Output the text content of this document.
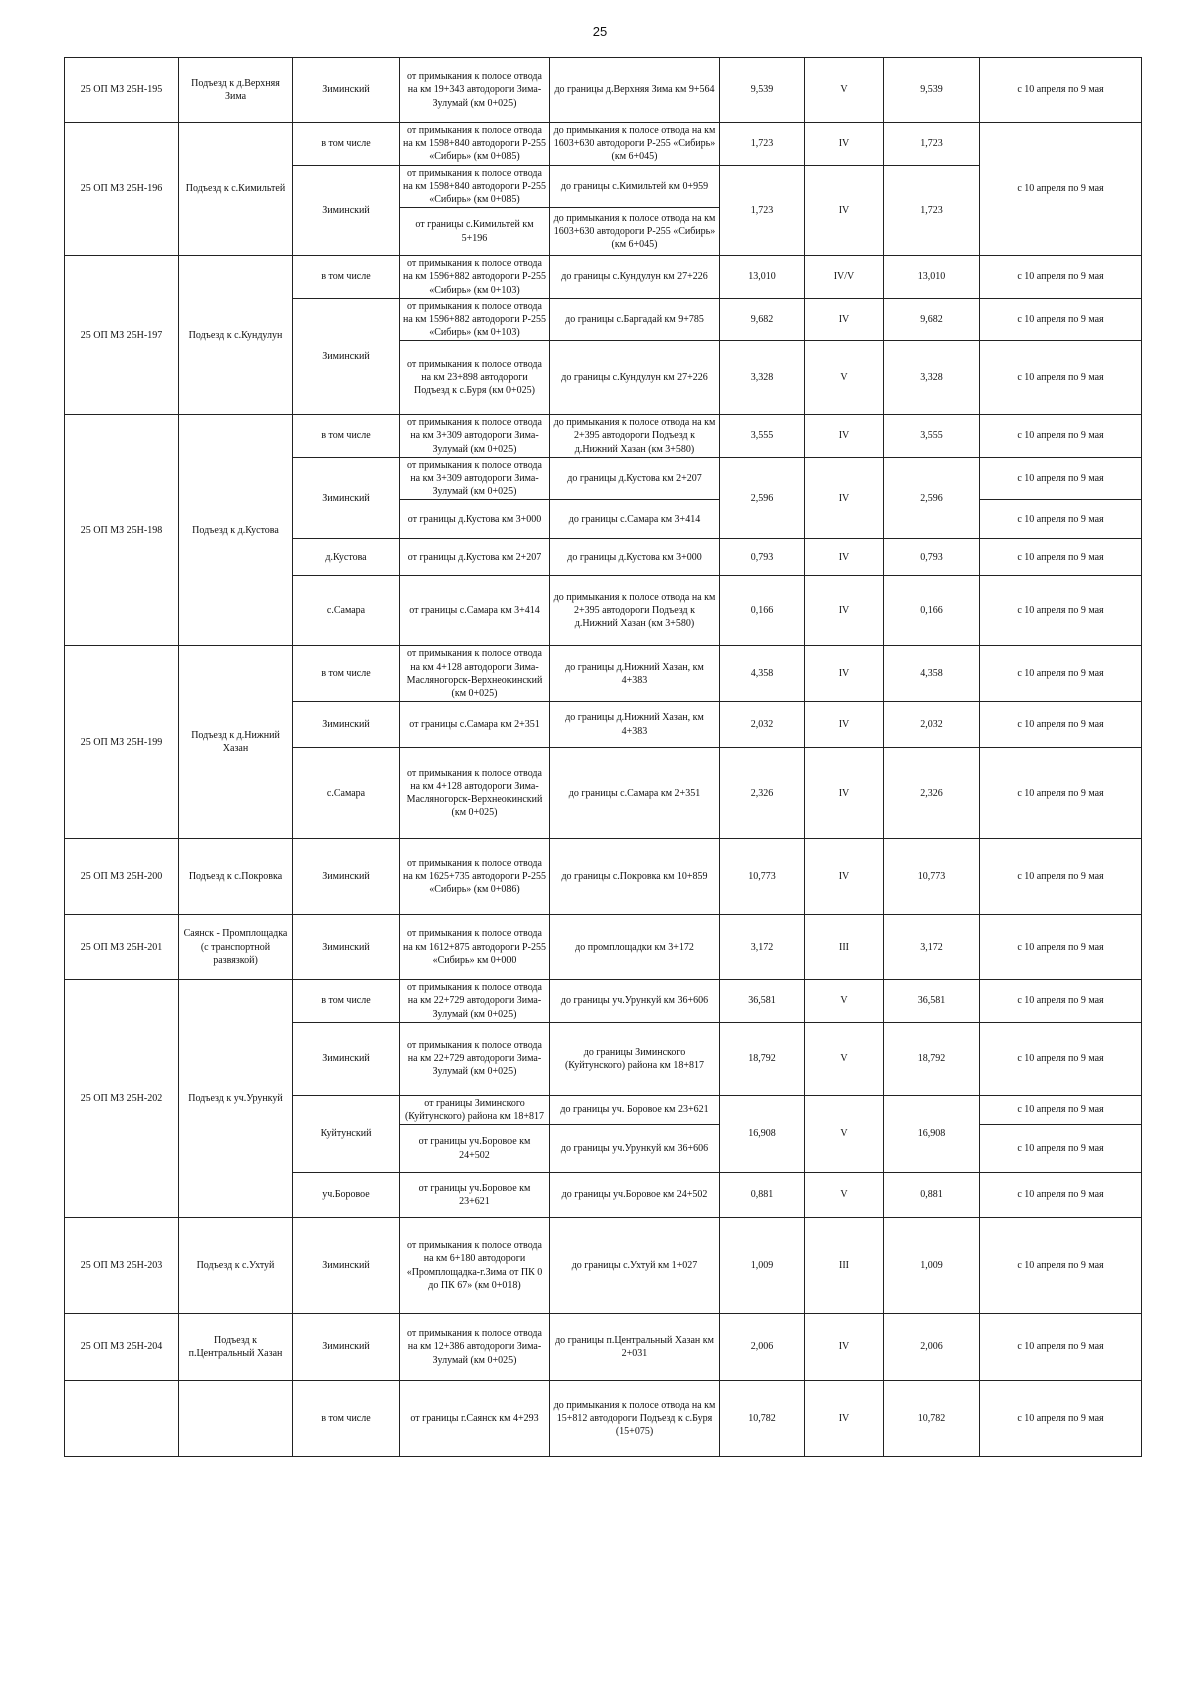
25
25 ОП МЗ 25Н-195	Подъезд к д.Верхняя Зима	Зиминский	от примыкания к полосе отвода на км 19+343 автодороги Зима-Зулумай (км 0+025)	до границы д.Верхняя Зима км 9+564	9,539	V	9,539	с 10 апреля по 9 мая
25 ОП МЗ 25Н-196	Подъезд к с.Кимильтей	в том числе	от примыкания к полосе отвода на км 1598+840 автодороги Р-255 «Сибирь» (км 0+085)	до примыкания к полосе отвода на км 1603+630 автодороги Р-255 «Сибирь» (км 6+045)	1,723	IV	1,723	с 10 апреля по 9 мая
		Зиминский	от примыкания к полосе отвода на км 1598+840 автодороги Р-255 «Сибирь» (км 0+085)	до границы с.Кимильтей км 0+959	1,723	IV	1,723	
			от границы с.Кимильтей км 5+196	до примыкания к полосе отвода на км 1603+630 автодороги Р-255 «Сибирь» (км 6+045)				
25 ОП МЗ 25Н-197	Подъезд к с.Кундулун	в том числе	от примыкания к полосе отвода на км 1596+882 автодороги Р-255 «Сибирь» (км 0+103)	до границы с.Кундулун км 27+226	13,010	IV/V	13,010	с 10 апреля по 9 мая
		Зиминский	от примыкания к полосе отвода на км 1596+882 автодороги Р-255 «Сибирь» (км 0+103)	до границы с.Баргадай км 9+785	9,682	IV	9,682	с 10 апреля по 9 мая
			от примыкания к полосе отвода на км 23+898 автодороги Подъезд к с.Буря (км 0+025)	до границы с.Кундулун км 27+226	3,328	V	3,328	с 10 апреля по 9 мая
25 ОП МЗ 25Н-198	Подъезд к д.Кустова	в том числе	от примыкания к полосе отвода на км 3+309 автодороги Зима-Зулумай (км 0+025)	до примыкания к полосе отвода на км 2+395 автодороги Подъезд к д.Нижний Хазан (км 3+580)	3,555	IV	3,555	с 10 апреля по 9 мая
		Зиминский	от примыкания к полосе отвода на км 3+309 автодороги Зима-Зулумай (км 0+025)	до границы д.Кустова км 2+207	2,596	IV	2,596	с 10 апреля по 9 мая
			от границы д.Кустова км 3+000	до границы с.Самара км 3+414				с 10 апреля по 9 мая
		д.Кустова	от границы д.Кустова км 2+207	до границы д.Кустова км 3+000	0,793	IV	0,793	с 10 апреля по 9 мая
		с.Самара	от границы с.Самара км 3+414	до примыкания к полосе отвода на км 2+395 автодороги Подъезд к д.Нижний Хазан (км 3+580)	0,166	IV	0,166	с 10 апреля по 9 мая
25 ОП МЗ 25Н-199	Подъезд к д.Нижний Хазан	в том числе	от примыкания к полосе отвода на км 4+128 автодороги Зима-Масляногорск-Верхнеокинский (км 0+025)	до границы д.Нижний Хазан, км 4+383	4,358	IV	4,358	с 10 апреля по 9 мая
		Зиминский	от границы с.Самара км 2+351	до границы д.Нижний Хазан, км 4+383	2,032	IV	2,032	с 10 апреля по 9 мая
		с.Самара	от примыкания к полосе отвода на км 4+128 автодороги Зима-Масляногорск-Верхнеокинский (км 0+025)	до границы с.Самара км 2+351	2,326	IV	2,326	с 10 апреля по 9 мая
25 ОП МЗ 25Н-200	Подъезд к с.Покровка	Зиминский	от примыкания к полосе отвода на км 1625+735 автодороги Р-255 «Сибирь» (км 0+086)	до границы с.Покровка км 10+859	10,773	IV	10,773	с 10 апреля по 9 мая
25 ОП МЗ 25Н-201	Саянск - Промплощадка (с транспортной развязкой)	Зиминский	от примыкания к полосе отвода на км 1612+875 автодороги Р-255 «Сибирь» км 0+000	до промплощадки км 3+172	3,172	III	3,172	с 10 апреля по 9 мая
25 ОП МЗ 25Н-202	Подъезд к уч.Урункуй	в том числе	от примыкания к полосе отвода на км 22+729 автодороги Зима-Зулумай (км 0+025)	до границы уч.Урункуй км 36+606	36,581	V	36,581	с 10 апреля по 9 мая
		Зиминский	от примыкания к полосе отвода на км 22+729 автодороги Зима-Зулумай (км 0+025)	до границы Зиминского (Куйтунского) района км 18+817	18,792	V	18,792	с 10 апреля по 9 мая
		Куйтунский	от границы Зиминского (Куйтунского) района км 18+817	до границы уч. Боровое км 23+621	16,908	V	16,908	с 10 апреля по 9 мая
			от границы уч.Боровое км 24+502	до границы уч.Урункуй км 36+606				с 10 апреля по 9 мая
		уч.Боровое	от границы уч.Боровое км 23+621	до границы уч.Боровое км 24+502	0,881	V	0,881	с 10 апреля по 9 мая
25 ОП МЗ 25Н-203	Подъезд к с.Ухтуй	Зиминский	от примыкания к полосе отвода на км 6+180 автодороги «Промплощадка-г.Зима от ПК 0 до ПК 67» (км 0+018)	до границы с.Ухтуй км 1+027	1,009	III	1,009	с 10 апреля по 9 мая
25 ОП МЗ 25Н-204	Подъезд к п.Центральный Хазан	Зиминский	от примыкания к полосе отвода на км 12+386 автодороги Зима-Зулумай (км 0+025)	до границы п.Центральный Хазан км 2+031	2,006	IV	2,006	с 10 апреля по 9 мая
		в том числе	от границы г.Саянск км 4+293	до примыкания к полосе отвода на км 15+812 автодороги Подъезд к с.Буря (15+075)	10,782	IV	10,782	с 10 апреля по 9 мая
